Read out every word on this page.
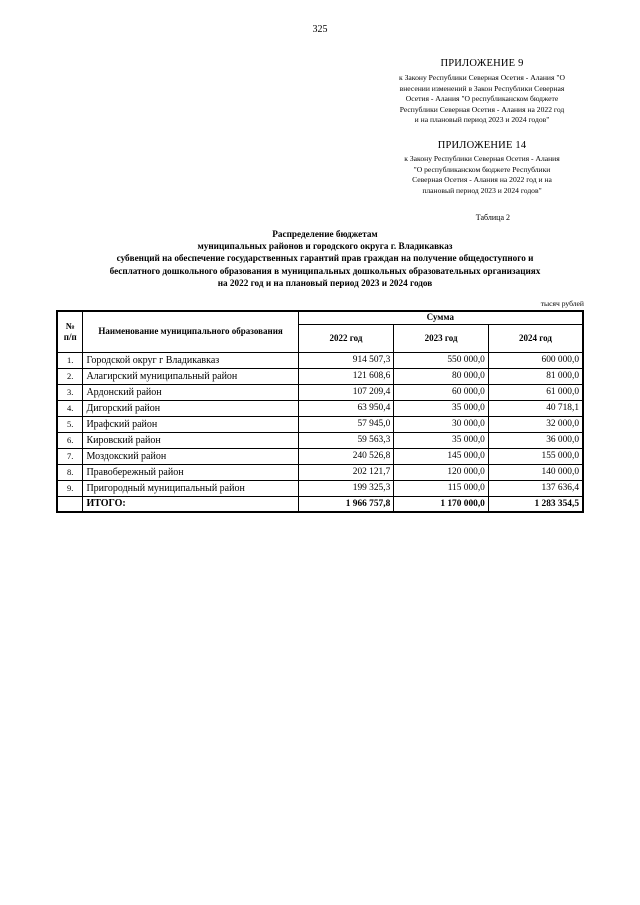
325
ПРИЛОЖЕНИЕ 9
к Закону Республики Северная Осетия - Алания "О
внесении изменений в Закон Республики Северная
Осетия - Алания "О республиканском бюджете
Республики Северная Осетия - Алания на 2022 год
и на плановый период 2023 и 2024 годов"
ПРИЛОЖЕНИЕ 14
к Закону Республики Северная Осетия - Алания
"О республиканском бюджете Республики
Северная Осетия - Алания на 2022 год и на
плановый период 2023 и 2024 годов"
Таблица 2
Распределение бюджетам
муниципальных районов и городского округа г. Владикавказ
субвенций на обеспечение государственных гарантий прав граждан на получение общедоступного и
бесплатного дошкольного образования в муниципальных дошкольных образовательных организациях
на 2022 год и на плановый период 2023 и 2024 годов
тысяч рублей
№ п/п	Наименование муниципального образования	Сумма		
		2022 год	2023 год	2024 год
1.	Городской округ г Владикавказ	914 507,3	550 000,0	600 000,0
2.	Алагирский муниципальный район	121 608,6	80 000,0	81 000,0
3.	Ардонский район	107 209,4	60 000,0	61 000,0
4.	Дигорский район	63 950,4	35 000,0	40 718,1
5.	Ирафский район	57 945,0	30 000,0	32 000,0
6.	Кировский район	59 563,3	35 000,0	36 000,0
7.	Моздокский район	240 526,8	145 000,0	155 000,0
8.	Правобережный район	202 121,7	120 000,0	140 000,0
9.	Пригородный муниципальный район	199 325,3	115 000,0	137 636,4
	ИТОГО:	1 966 757,8	1 170 000,0	1 283 354,5
